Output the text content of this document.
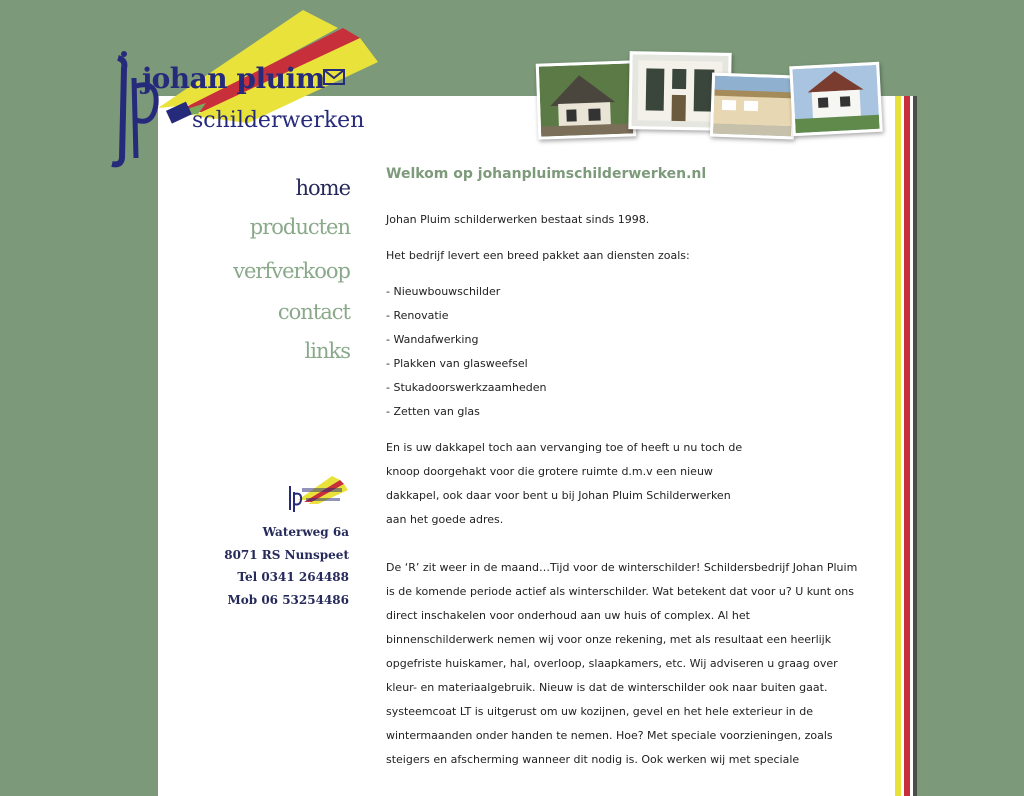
johan pluim
schilderwerken
home
producten
verfverkoop
contact
links
Waterweg 6a
8071 RS Nunspeet
Tel 0341 264488
Mob 06 53254486
Welkom op johanpluimschilderwerken.nl

Johan Pluim schilderwerken bestaat sinds 1998.

Het bedrijf levert een breed pakket aan diensten zoals:

- Nieuwbouwschilder
- Renovatie
- Wandafwerking
- Plakken van glasweefsel
- Stukadoorswerkzaamheden
- Zetten van glas
En is uw dakkapel toch aan vervanging toe of heeft u nu toch de
knoop doorgehakt voor die grotere ruimte d.m.v een nieuw
dakkapel, ook daar voor bent u bij Johan Pluim Schilderwerken
aan het goede adres.
De ‘R’ zit weer in de maand…Tijd voor de winterschilder! Schildersbedrijf Johan Pluim
is de komende periode actief als winterschilder. Wat betekent dat voor u? U kunt ons
direct inschakelen voor onderhoud aan uw huis of complex. Al het
binnenschilderwerk nemen wij voor onze rekening, met als resultaat een heerlijk
opgefriste huiskamer, hal, overloop, slaapkamers, etc. Wij adviseren u graag over
kleur- en materiaalgebruik. Nieuw is dat de winterschilder ook naar buiten gaat.
systeemcoat LT is uitgerust om uw kozijnen, gevel en het hele exterieur in de
wintermaanden onder handen te nemen. Hoe? Met speciale voorzieningen, zoals
steigers en afscherming wanneer dit nodig is. Ook werken wij met speciale
